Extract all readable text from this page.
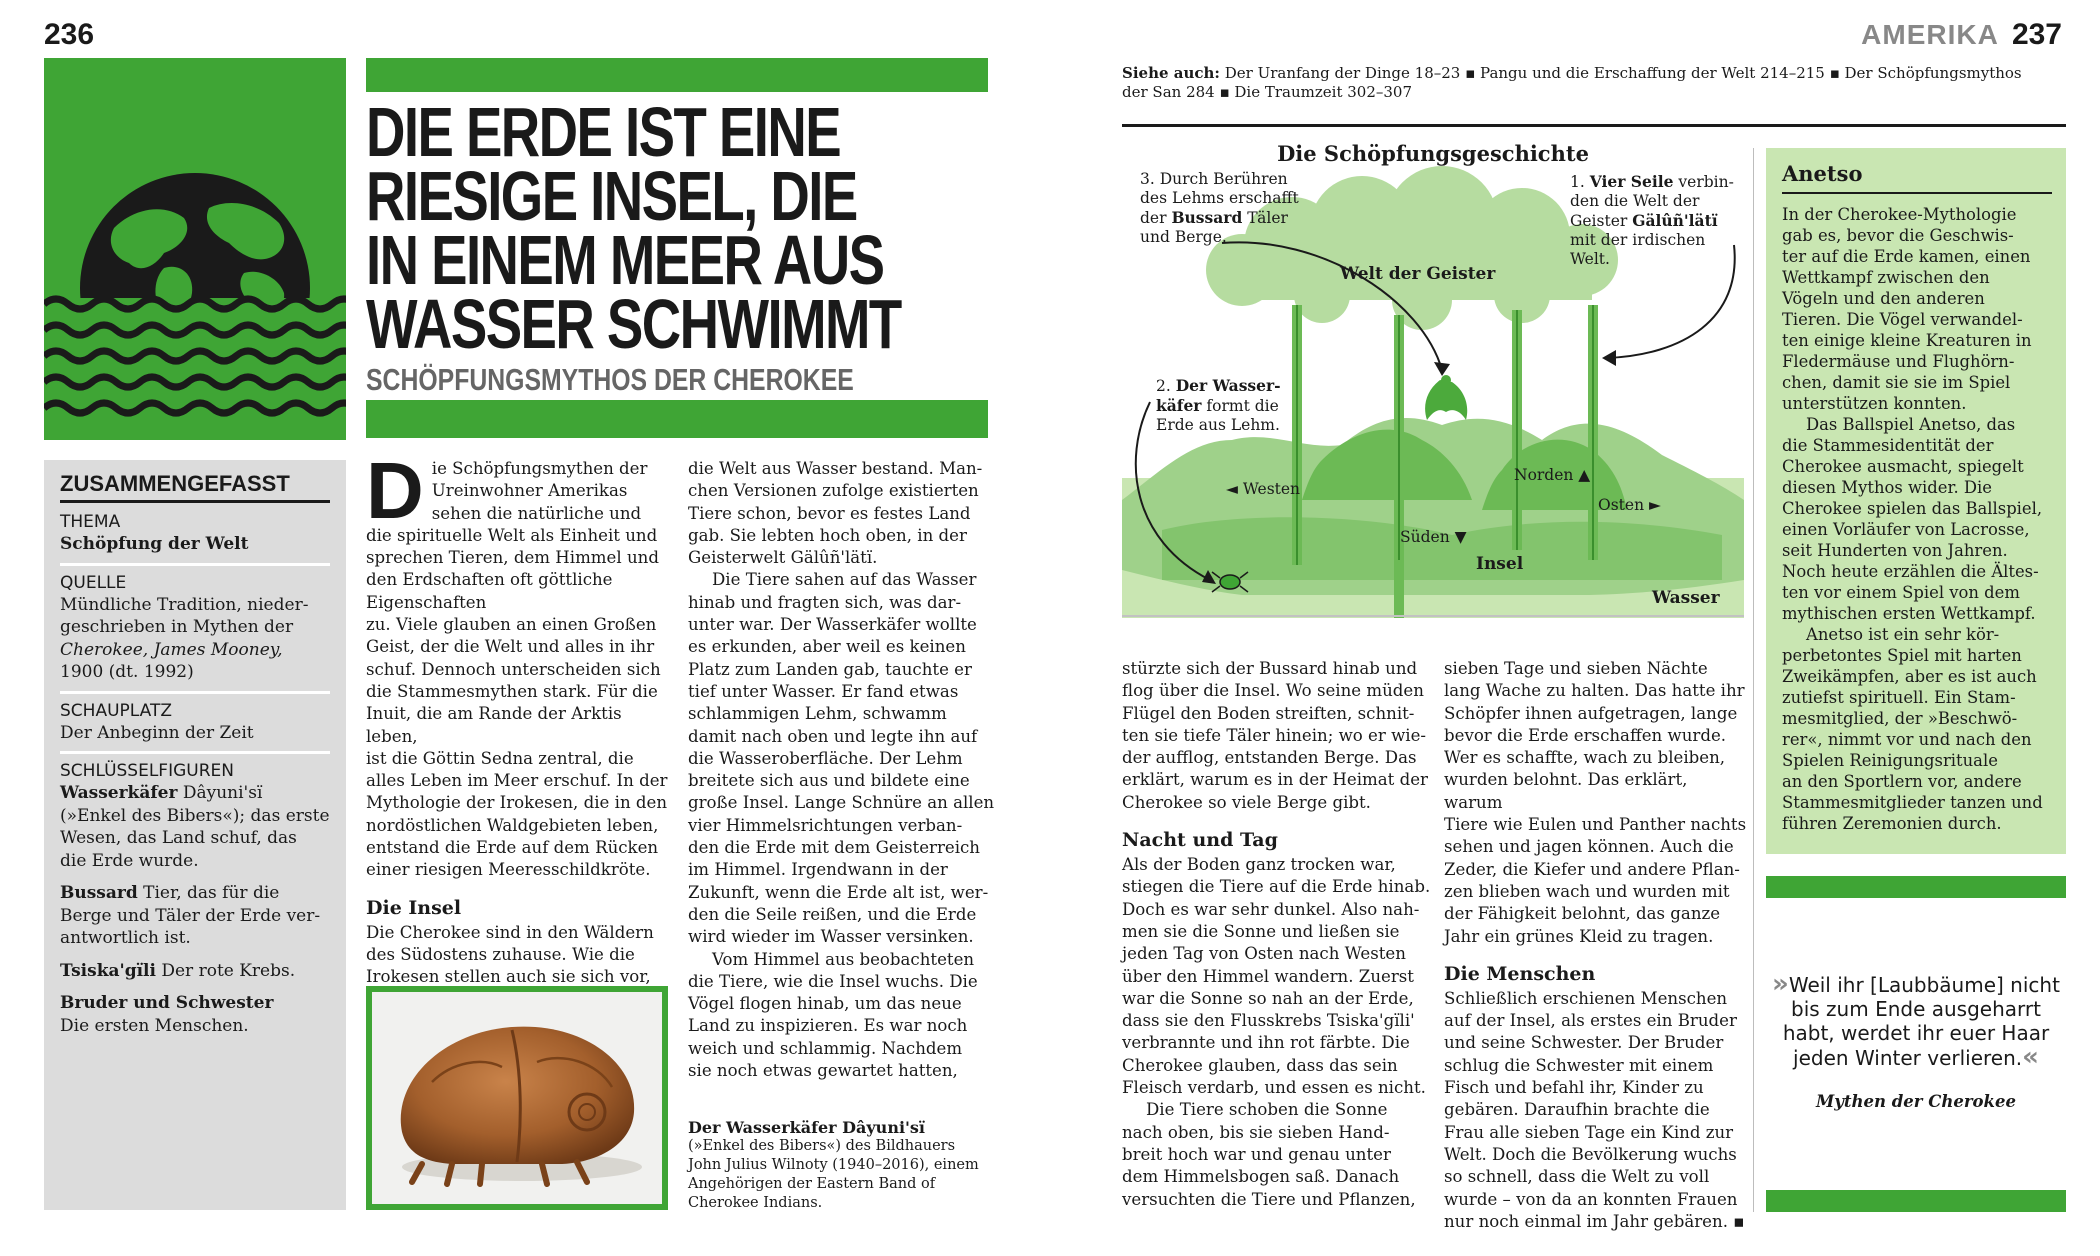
236
DIE ERDE IST EINE
RIESIGE INSEL, DIE
IN EINEM MEER AUS
WASSER SCHWIMMT
SCHÖPFUNGSMYTHOS DER CHEROKEE
ZUSAMMENGEFASST
THEMA
Schöpfung der Welt
QUELLE
Mündliche Tradition, nieder-
geschrieben in Mythen der
Cherokee, James Mooney,
1900 (dt. 1992)
SCHAUPLATZ
Der Anbeginn der Zeit
SCHLÜSSELFIGUREN
Wasserkäfer Dâyuni'sï
(»Enkel des Bibers«); das erste
Wesen, das Land schuf, das
die Erde wurde.
Bussard Tier, das für die
Berge und Täler der Erde ver-
antwortlich ist.
Tsiska'gïli Der rote Krebs.
Bruder und Schwester
Die ersten Menschen.
D ie Schöpfungsmythen der
Ureinwohner Amerikas
sehen die natürliche und
die spirituelle Welt als Einheit und
sprechen Tieren, dem Himmel und
den Erdschaften oft göttliche Eigenschaften
zu. Viele glauben an einen Großen
Geist, der die Welt und alles in ihr
schuf. Dennoch unterscheiden sich
die Stammesmythen stark. Für die
Inuit, die am Rande der Arktis leben,
ist die Göttin Sedna zentral, die
alles Leben im Meer erschuf. In der
Mythologie der Irokesen, die in den
nordöstlichen Waldgebieten leben,
entstand die Erde auf dem Rücken
einer riesigen Meeresschildkröte.
Die Insel
Die Cherokee sind in den Wäldern
des Südostens zuhause. Wie die
Irokesen stellen auch sie sich vor,
die Welt aus Wasser bestand. Man-
chen Versionen zufolge existierten
Tiere schon, bevor es festes Land
gab. Sie lebten hoch oben, in der
Geisterwelt Gälûñ'lätï.
Die Tiere sahen auf das Wasser
hinab und fragten sich, was dar-
unter war. Der Wasserkäfer wollte
es erkunden, aber weil es keinen
Platz zum Landen gab, tauchte er
tief unter Wasser. Er fand etwas
schlammigen Lehm, schwamm
damit nach oben und legte ihn auf
die Wasseroberfläche. Der Lehm
breitete sich aus und bildete eine
große Insel. Lange Schnüre an allen
vier Himmelsrichtungen verban-
den die Erde mit dem Geisterreich
im Himmel. Irgendwann in der
Zukunft, wenn die Erde alt ist, wer-
den die Seile reißen, und die Erde
wird wieder im Wasser versinken.
Vom Himmel aus beobachteten
die Tiere, wie die Insel wuchs. Die
Vögel flogen hinab, um das neue
Land zu inspizieren. Es war noch
weich und schlammig. Nachdem
sie noch etwas gewartet hatten,
Der Wasserkäfer Dâyuni'sï
(»Enkel des Bibers«) des Bildhauers
John Julius Wilnoty (1940–2016), einem
Angehörigen der Eastern Band of
Cherokee Indians.
AMERIKA 237
Siehe auch: Der Uranfang der Dinge 18–23 ▪ Pangu und die Erschaffung der Welt 214–215 ▪ Der Schöpfungsmythos
der San 284 ▪ Die Traumzeit 302–307
Die Schöpfungsgeschichte
3. Durch Berühren
des Lehms erschafft
der Bussard Täler
und Berge.
1. Vier Seile verbin-
den die Welt der
Geister Gälûñ'lätï
mit der irdischen Welt.
2. Der Wasser-
käfer formt die
Erde aus Lehm.
Welt der Geister
◄ Westen
Norden ▲
Osten ►
Süden ▼
Insel
Wasser
stürzte sich der Bussard hinab und
flog über die Insel. Wo seine müden
Flügel den Boden streiften, schnit-
ten sie tiefe Täler hinein; wo er wie-
der aufflog, entstanden Berge. Das
erklärt, warum es in der Heimat der
Cherokee so viele Berge gibt.
Nacht und Tag
Als der Boden ganz trocken war,
stiegen die Tiere auf die Erde hinab.
Doch es war sehr dunkel. Also nah-
men sie die Sonne und ließen sie
jeden Tag von Osten nach Westen
über den Himmel wandern. Zuerst
war die Sonne so nah an der Erde,
dass sie den Flusskrebs Tsiska'gïli'
verbrannte und ihn rot färbte. Die
Cherokee glauben, dass das sein
Fleisch verdarb, und essen es nicht.
Die Tiere schoben die Sonne
nach oben, bis sie sieben Hand-
breit hoch war und genau unter
dem Himmelsbogen saß. Danach
versuchten die Tiere und Pflanzen,
sieben Tage und sieben Nächte
lang Wache zu halten. Das hatte ihr
Schöpfer ihnen aufgetragen, lange
bevor die Erde erschaffen wurde.
Wer es schaffte, wach zu bleiben,
wurden belohnt. Das erklärt, warum
Tiere wie Eulen und Panther nachts
sehen und jagen können. Auch die
Zeder, die Kiefer und andere Pflan-
zen blieben wach und wurden mit
der Fähigkeit belohnt, das ganze
Jahr ein grünes Kleid zu tragen.
Die Menschen
Schließlich erschienen Menschen
auf der Insel, als erstes ein Bruder
und seine Schwester. Der Bruder
schlug die Schwester mit einem
Fisch und befahl ihr, Kinder zu
gebären. Daraufhin brachte die
Frau alle sieben Tage ein Kind zur
Welt. Doch die Bevölkerung wuchs
so schnell, dass die Welt zu voll
wurde – von da an konnten Frauen
nur noch einmal im Jahr gebären. ▪
Anetso
In der Cherokee-Mythologie
gab es, bevor die Geschwis-
ter auf die Erde kamen, einen
Wettkampf zwischen den
Vögeln und den anderen
Tieren. Die Vögel verwandel-
ten einige kleine Kreaturen in
Fledermäuse und Flughörn-
chen, damit sie sie im Spiel
unterstützen konnten.
Das Ballspiel Anetso, das
die Stammesidentität der
Cherokee ausmacht, spiegelt
diesen Mythos wider. Die
Cherokee spielen das Ballspiel,
einen Vorläufer von Lacrosse,
seit Hunderten von Jahren.
Noch heute erzählen die Ältes-
ten vor einem Spiel von dem
mythischen ersten Wettkampf.
Anetso ist ein sehr kör-
perbetontes Spiel mit harten
Zweikämpfen, aber es ist auch
zutiefst spirituell. Ein Stam-
mesmitglied, der »Beschwö-
rer«, nimmt vor und nach den
Spielen Reinigungsrituale
an den Sportlern vor, andere
Stammesmitglieder tanzen und
führen Zeremonien durch.
»Weil ihr [Laubbäume] nicht
bis zum Ende ausgeharrt
habt, werdet ihr euer Haar
jeden Winter verlieren.«
Mythen der Cherokee
